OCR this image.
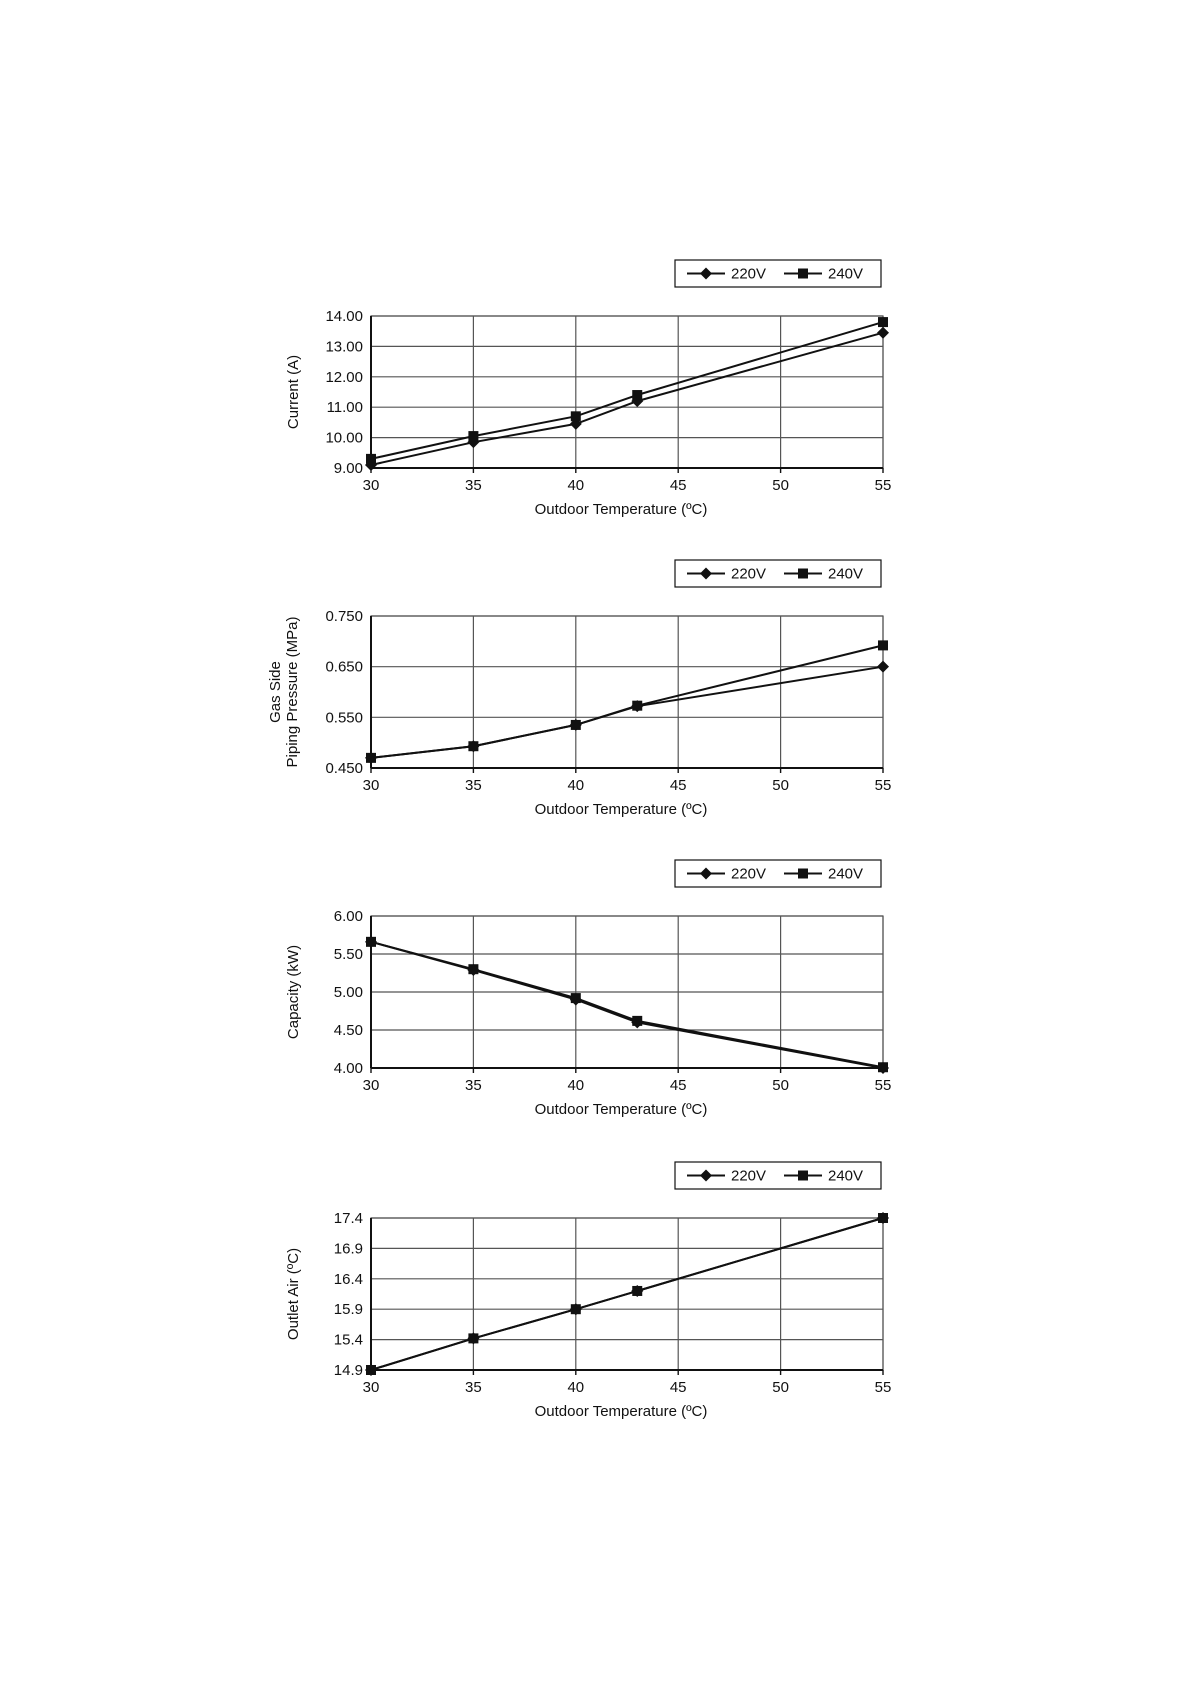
9.00
10.00
11.00
12.00
13.00
14.00
30	35	40	45	50	55
Outdoor Temperature (ºC)
Current (A)
220V	240V
0.450
0.550
0.650
0.750
30	35	40	45	50	55
Outdoor Temperature (ºC)
Gas Side Piping Pressure (MPa)
220V	240V
4.00
4.50
5.00
5.50
6.00
30	35	40	45	50	55
Outdoor Temperature (ºC)
Capacity (kW)
220V	240V
14.9
15.4
15.9
16.4
16.9
17.4
30	35	40	45	50	55
Outdoor Temperature (ºC)
Outlet Air (ºC)
220V	240V
